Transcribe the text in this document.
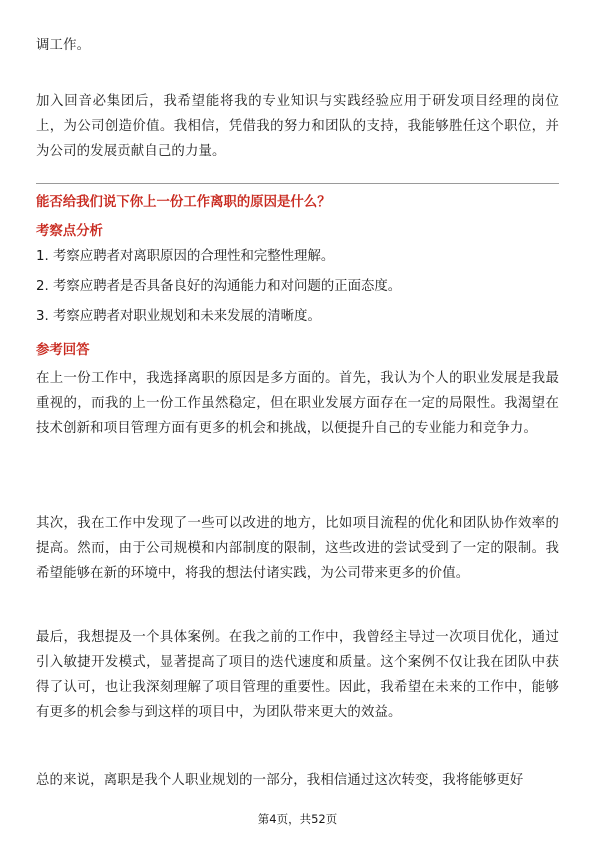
调工作。

加入回音必集团后，我希望能将我的专业知识与实践经验应用于研发项目经理的岗位上，为公司创造价值。我相信，凭借我的努力和团队的支持，我能够胜任这个职位，并为公司的发展贡献自己的力量。

能否给我们说下你上一份工作离职的原因是什么？

考察点分析

1. 考察应聘者对离职原因的合理性和完整性理解。

2. 考察应聘者是否具备良好的沟通能力和对问题的正面态度。

3. 考察应聘者对职业规划和未来发展的清晰度。

参考回答

在上一份工作中，我选择离职的原因是多方面的。首先，我认为个人的职业发展是我最重视的，而我的上一份工作虽然稳定，但在职业发展方面存在一定的局限性。我渴望在技术创新和项目管理方面有更多的机会和挑战，以便提升自己的专业能力和竞争力。

其次，我在工作中发现了一些可以改进的地方，比如项目流程的优化和团队协作效率的提高。然而，由于公司规模和内部制度的限制，这些改进的尝试受到了一定的限制。我希望能够在新的环境中，将我的想法付诸实践，为公司带来更多的价值。

最后，我想提及一个具体案例。在我之前的工作中，我曾经主导过一次项目优化，通过引入敏捷开发模式，显著提高了项目的迭代速度和质量。这个案例不仅让我在团队中获得了认可，也让我深刻理解了项目管理的重要性。因此，我希望在未来的工作中，能够有更多的机会参与到这样的项目中，为团队带来更大的效益。

总的来说，离职是我个人职业规划的一部分，我相信通过这次转变，我将能够更好

第4页，共52页
